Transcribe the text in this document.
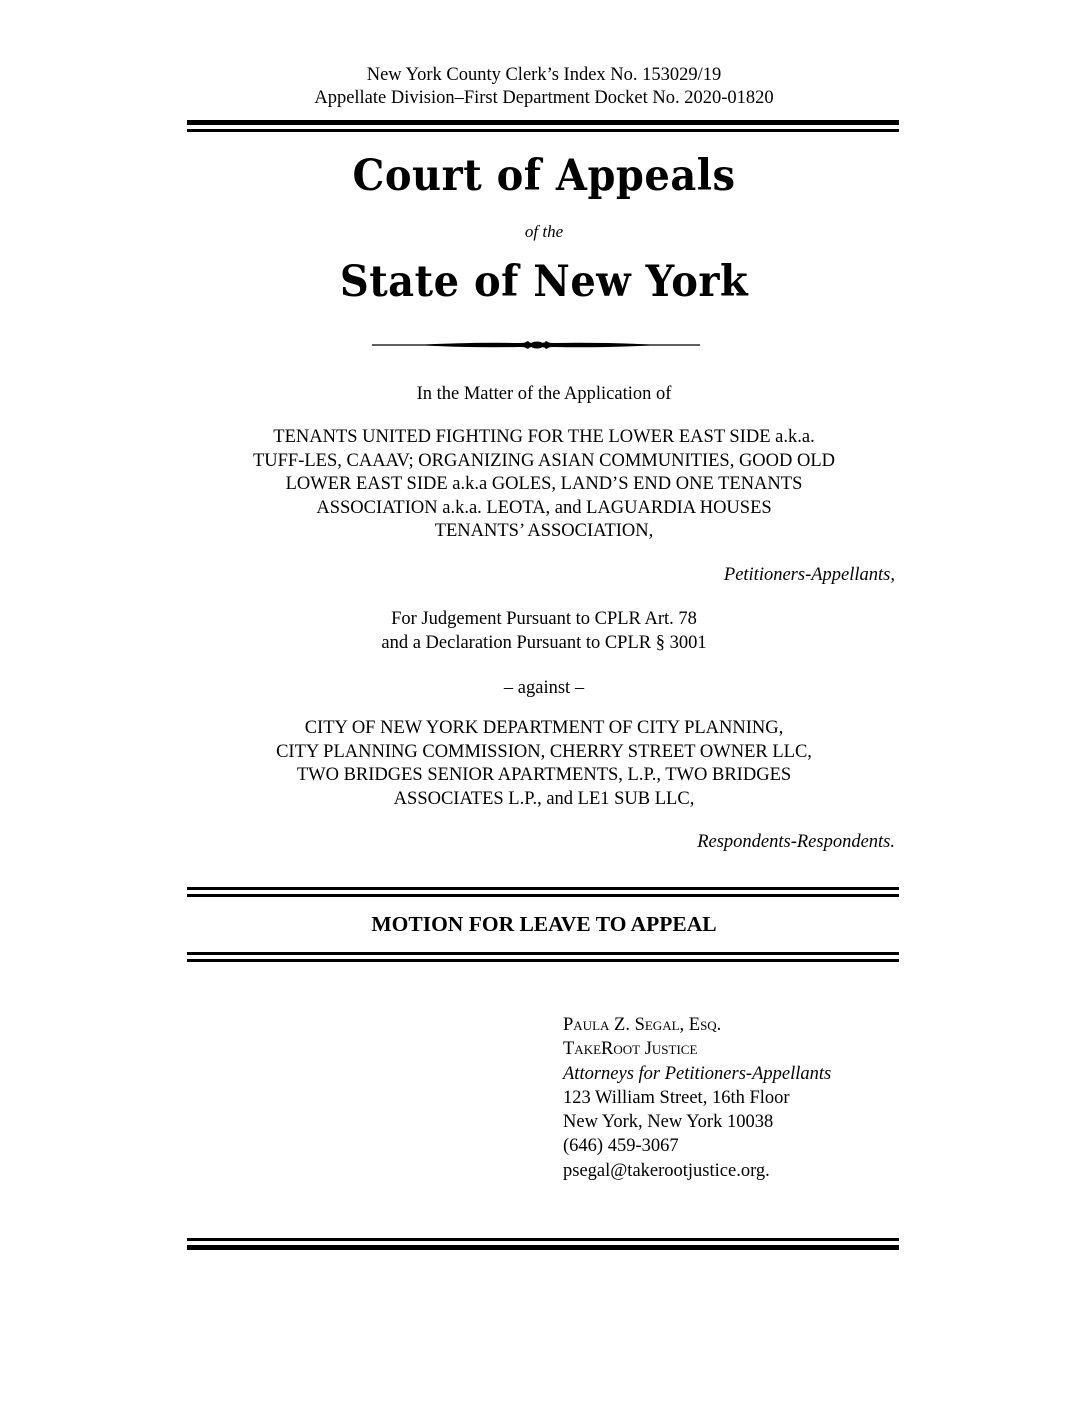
New York County Clerk’s Index No. 153029/19
Appellate Division–First Department Docket No. 2020-01820
Court of Appeals
of the
State of New York
In the Matter of the Application of
TENANTS UNITED FIGHTING FOR THE LOWER EAST SIDE a.k.a.
TUFF-LES, CAAAV; ORGANIZING ASIAN COMMUNITIES, GOOD OLD
LOWER EAST SIDE a.k.a GOLES, LAND’S END ONE TENANTS
ASSOCIATION a.k.a. LEOTA, and LAGUARDIA HOUSES
TENANTS’ ASSOCIATION,
Petitioners-Appellants,
For Judgement Pursuant to CPLR Art. 78
and a Declaration Pursuant to CPLR § 3001
– against –
CITY OF NEW YORK DEPARTMENT OF CITY PLANNING,
CITY PLANNING COMMISSION, CHERRY STREET OWNER LLC,
TWO BRIDGES SENIOR APARTMENTS, L.P., TWO BRIDGES
ASSOCIATES L.P., and LE1 SUB LLC,
Respondents-Respondents.
MOTION FOR LEAVE TO APPEAL
Paula Z. Segal, Esq.
TakeRoot Justice
Attorneys for Petitioners-Appellants
123 William Street, 16th Floor
New York, New York 10038
(646) 459-3067
psegal@takerootjustice.org.
